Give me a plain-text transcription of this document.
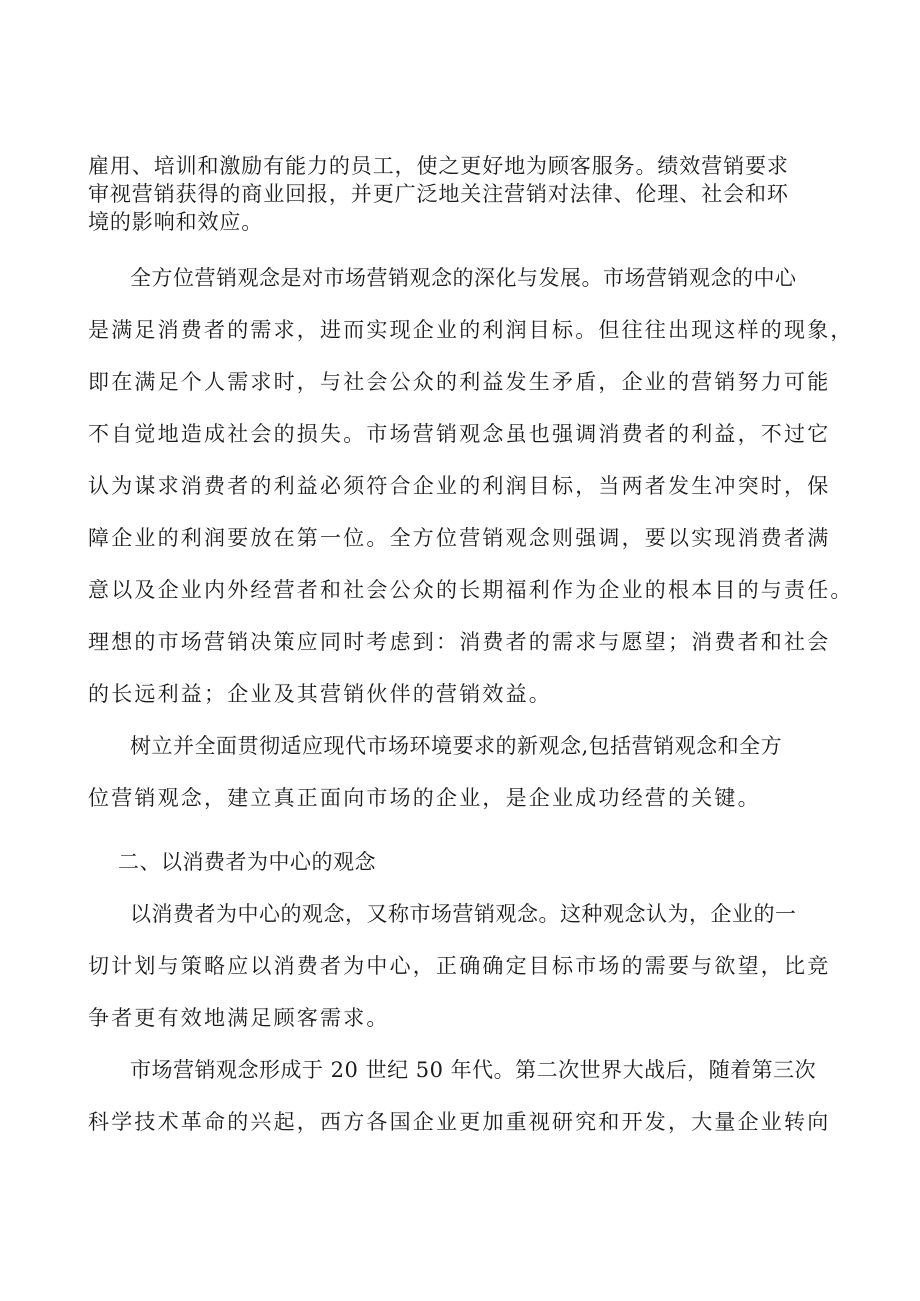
雇用、培训和激励有能力的员工，使之更好地为顾客服务。绩效营销要求
审视营销获得的商业回报，并更广泛地关注营销对法律、伦理、社会和环
境的影响和效应。
全方位营销观念是对市场营销观念的深化与发展。市场营销观念的中心
是满足消费者的需求，进而实现企业的利润目标。但往往出现这样的现象，
即在满足个人需求时，与社会公众的利益发生矛盾，企业的营销努力可能
不自觉地造成社会的损失。市场营销观念虽也强调消费者的利益，不过它
认为谋求消费者的利益必须符合企业的利润目标，当两者发生冲突时，保
障企业的利润要放在第一位。全方位营销观念则强调，要以实现消费者满
意以及企业内外经营者和社会公众的长期福利作为企业的根本目的与责任。
理想的市场营销决策应同时考虑到：消费者的需求与愿望；消费者和社会
的长远利益；企业及其营销伙伴的营销效益。
树立并全面贯彻适应现代市场环境要求的新观念,包括营销观念和全方
位营销观念，建立真正面向市场的企业，是企业成功经营的关键。
二、以消费者为中心的观念
以消费者为中心的观念，又称市场营销观念。这种观念认为，企业的一
切计划与策略应以消费者为中心，正确确定目标市场的需要与欲望，比竞
争者更有效地满足顾客需求。
市场营销观念形成于 20 世纪 50 年代。第二次世界大战后，随着第三次
科学技术革命的兴起，西方各国企业更加重视研究和开发，大量企业转向
